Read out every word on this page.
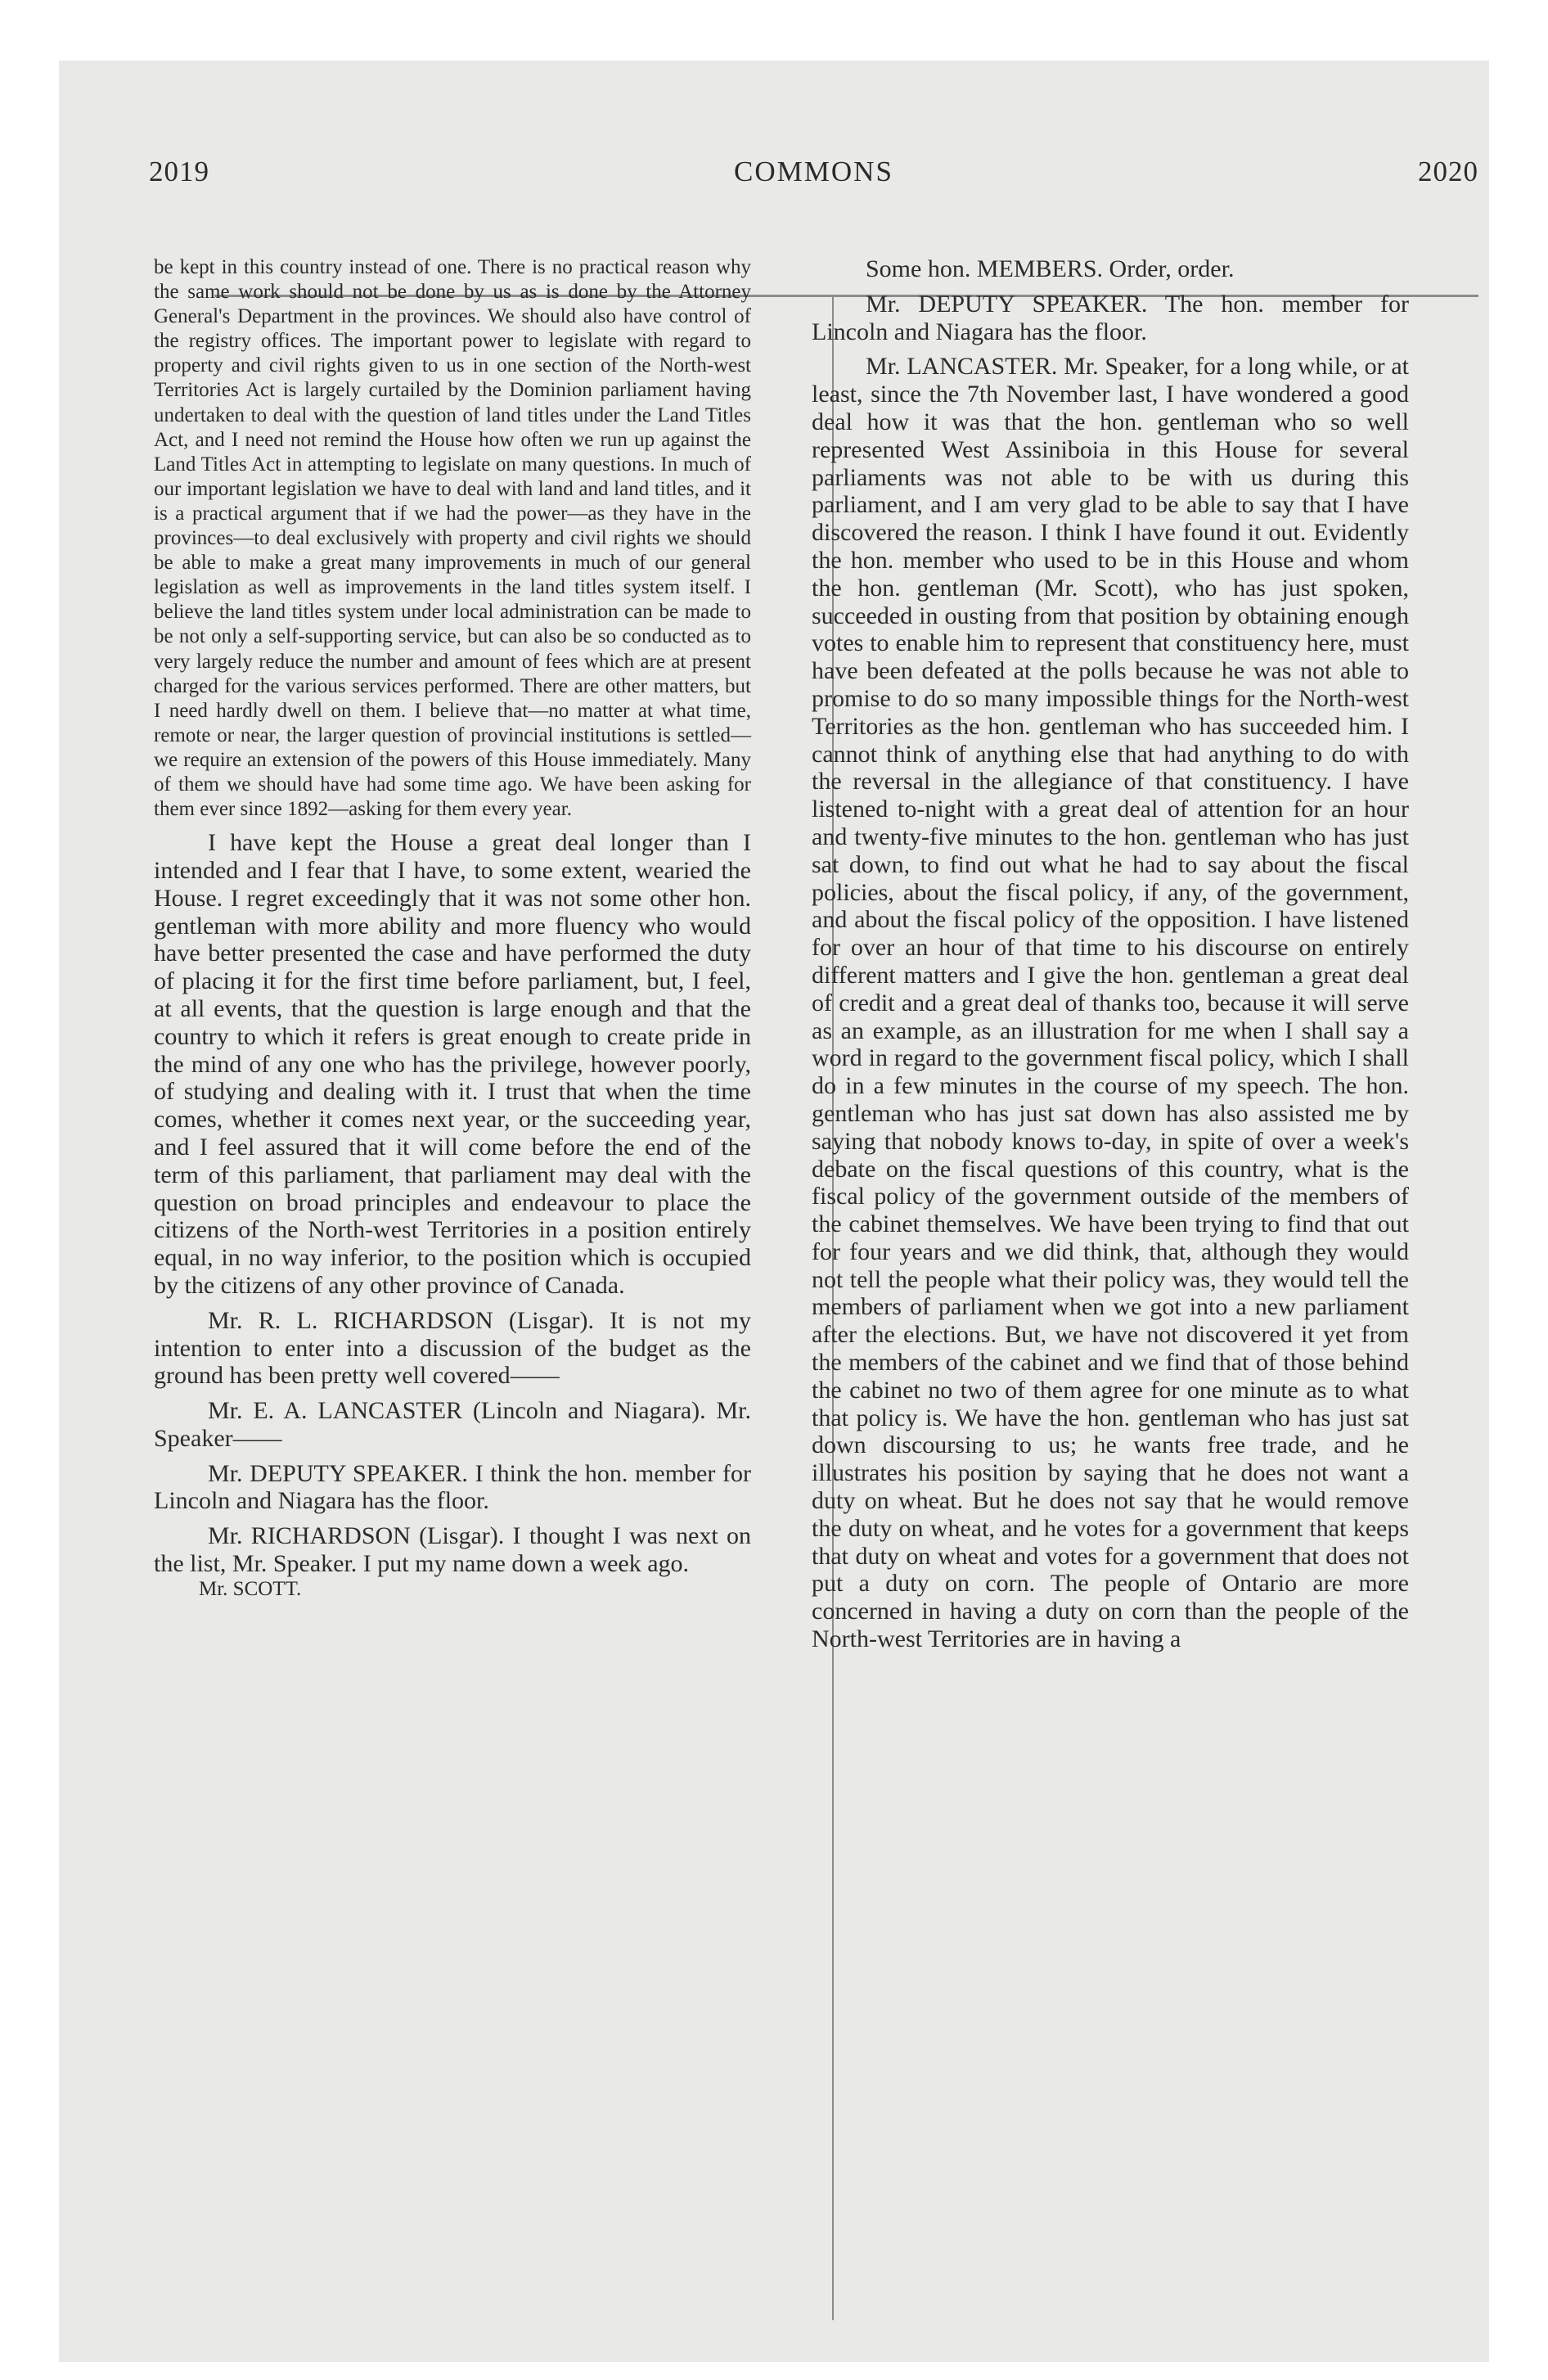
2019	COMMONS	2020

be kept in this country instead of one. There is no practical reason why the same work should not be done by us as is done by the Attorney General's Department in the provinces. We should also have control of the registry offices. The important power to legislate with regard to property and civil rights given to us in one section of the North-west Territories Act is largely curtailed by the Dominion parliament having undertaken to deal with the question of land titles under the Land Titles Act, and I need not remind the House how often we run up against the Land Titles Act in attempting to legislate on many questions. In much of our important legislation we have to deal with land and land titles, and it is a practical argument that if we had the power—as they have in the provinces—to deal exclusively with property and civil rights we should be able to make a great many improvements in much of our general legislation as well as improvements in the land titles system itself. I believe the land titles system under local administration can be made to be not only a self-supporting service, but can also be so conducted as to very largely reduce the number and amount of fees which are at present charged for the various services performed. There are other matters, but I need hardly dwell on them. I believe that—no matter at what time, remote or near, the larger question of provincial institutions is settled—we require an extension of the powers of this House immediately. Many of them we should have had some time ago. We have been asking for them ever since 1892—asking for them every year.

I have kept the House a great deal longer than I intended and I fear that I have, to some extent, wearied the House. I regret exceedingly that it was not some other hon. gentleman with more ability and more fluency who would have better presented the case and have performed the duty of placing it for the first time before parliament, but, I feel, at all events, that the question is large enough and that the country to which it refers is great enough to create pride in the mind of any one who has the privilege, however poorly, of studying and dealing with it. I trust that when the time comes, whether it comes next year, or the succeeding year, and I feel assured that it will come before the end of the term of this parliament, that parliament may deal with the question on broad principles and endeavour to place the citizens of the North-west Territories in a position entirely equal, in no way inferior, to the position which is occupied by the citizens of any other province of Canada.

Mr. R. L. RICHARDSON (Lisgar). It is not my intention to enter into a discussion of the budget as the ground has been pretty well covered——

Mr. E. A. LANCASTER (Lincoln and Niagara). Mr. Speaker——

Mr. DEPUTY SPEAKER. I think the hon. member for Lincoln and Niagara has the floor.

Mr. RICHARDSON (Lisgar). I thought I was next on the list, Mr. Speaker. I put my name down a week ago.

Mr. SCOTT.

Some hon. MEMBERS. Order, order.

Mr. DEPUTY SPEAKER. The hon. member for Lincoln and Niagara has the floor.

Mr. LANCASTER. Mr. Speaker, for a long while, or at least, since the 7th November last, I have wondered a good deal how it was that the hon. gentleman who so well represented West Assiniboia in this House for several parliaments was not able to be with us during this parliament, and I am very glad to be able to say that I have discovered the reason. I think I have found it out. Evidently the hon. member who used to be in this House and whom the hon. gentleman (Mr. Scott), who has just spoken, succeeded in ousting from that position by obtaining enough votes to enable him to represent that constituency here, must have been defeated at the polls because he was not able to promise to do so many impossible things for the North-west Territories as the hon. gentleman who has succeeded him. I cannot think of anything else that had anything to do with the reversal in the allegiance of that constituency. I have listened to-night with a great deal of attention for an hour and twenty-five minutes to the hon. gentleman who has just sat down, to find out what he had to say about the fiscal policies, about the fiscal policy, if any, of the government, and about the fiscal policy of the opposition. I have listened for over an hour of that time to his discourse on entirely different matters and I give the hon. gentleman a great deal of credit and a great deal of thanks too, because it will serve as an example, as an illustration for me when I shall say a word in regard to the government fiscal policy, which I shall do in a few minutes in the course of my speech. The hon. gentleman who has just sat down has also assisted me by saying that nobody knows to-day, in spite of over a week's debate on the fiscal questions of this country, what is the fiscal policy of the government outside of the members of the cabinet themselves. We have been trying to find that out for four years and we did think, that, although they would not tell the people what their policy was, they would tell the members of parliament when we got into a new parliament after the elections. But, we have not discovered it yet from the members of the cabinet and we find that of those behind the cabinet no two of them agree for one minute as to what that policy is. We have the hon. gentleman who has just sat down discoursing to us; he wants free trade, and he illustrates his position by saying that he does not want a duty on wheat. But he does not say that he would remove the duty on wheat, and he votes for a government that keeps that duty on wheat and votes for a government that does not put a duty on corn. The people of Ontario are more concerned in having a duty on corn than the people of the North-west Territories are in having a
